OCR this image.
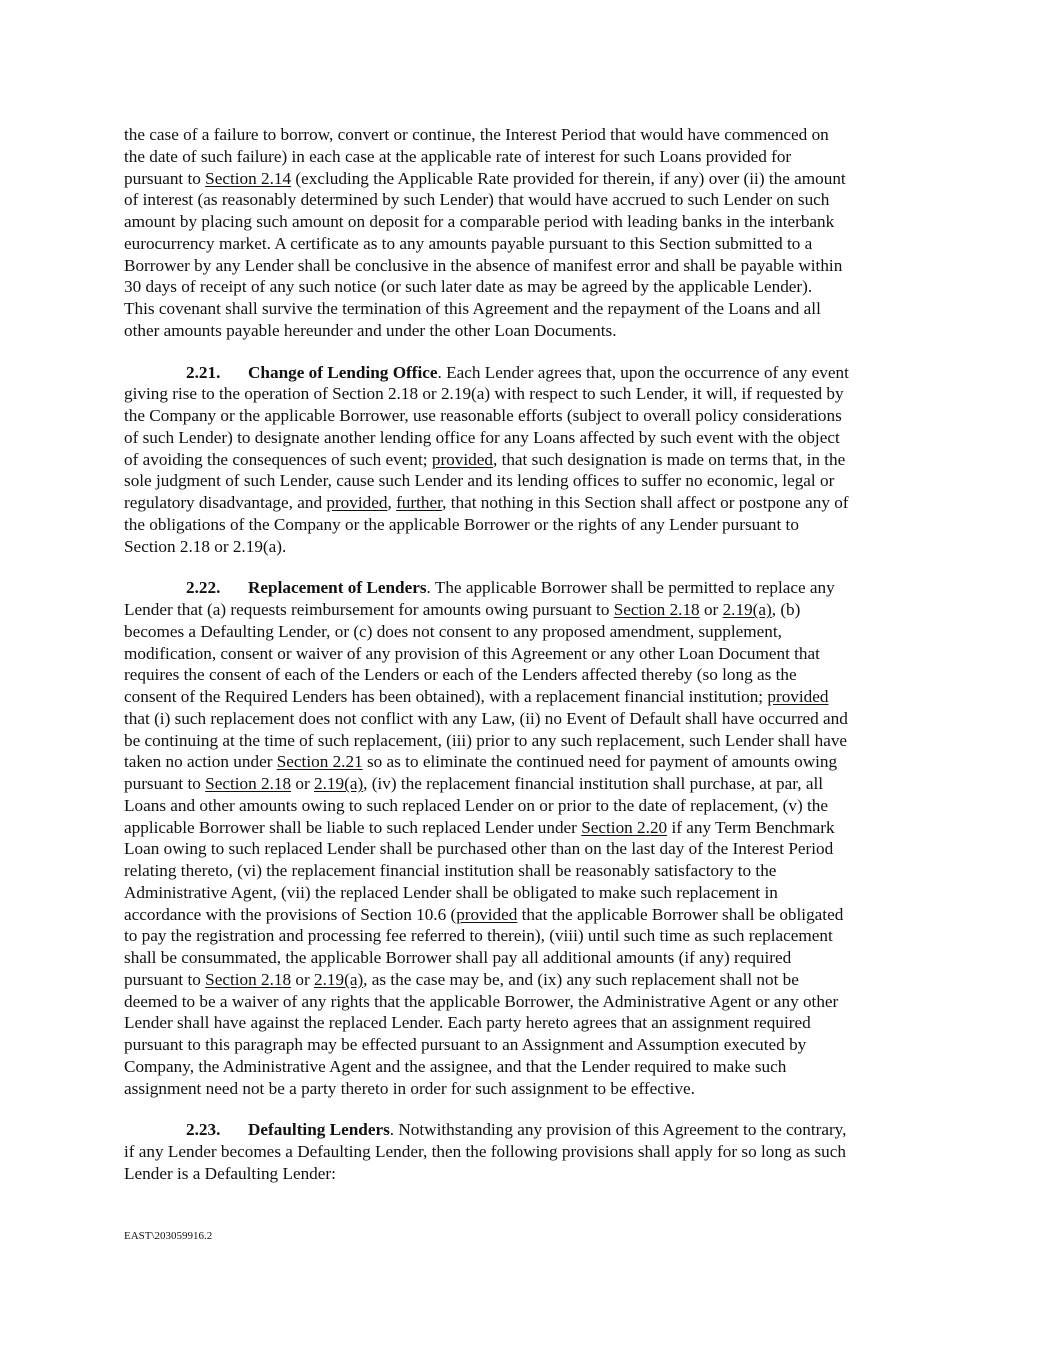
the case of a failure to borrow, convert or continue, the Interest Period that would have commenced on
the date of such failure) in each case at the applicable rate of interest for such Loans provided for
pursuant to Section 2.14 (excluding the Applicable Rate provided for therein, if any) over (ii) the amount
of interest (as reasonably determined by such Lender) that would have accrued to such Lender on such
amount by placing such amount on deposit for a comparable period with leading banks in the interbank
eurocurrency market. A certificate as to any amounts payable pursuant to this Section submitted to a
Borrower by any Lender shall be conclusive in the absence of manifest error and shall be payable within
30 days of receipt of any such notice (or such later date as may be agreed by the applicable Lender).
This covenant shall survive the termination of this Agreement and the repayment of the Loans and all
other amounts payable hereunder and under the other Loan Documents.

2.21. Change of Lending Office. Each Lender agrees that, upon the occurrence of any event
giving rise to the operation of Section 2.18 or 2.19(a) with respect to such Lender, it will, if requested by
the Company or the applicable Borrower, use reasonable efforts (subject to overall policy considerations
of such Lender) to designate another lending office for any Loans affected by such event with the object
of avoiding the consequences of such event; provided, that such designation is made on terms that, in the
sole judgment of such Lender, cause such Lender and its lending offices to suffer no economic, legal or
regulatory disadvantage, and provided, further, that nothing in this Section shall affect or postpone any of
the obligations of the Company or the applicable Borrower or the rights of any Lender pursuant to
Section 2.18 or 2.19(a).

2.22. Replacement of Lenders. The applicable Borrower shall be permitted to replace any
Lender that (a) requests reimbursement for amounts owing pursuant to Section 2.18 or 2.19(a), (b)
becomes a Defaulting Lender, or (c) does not consent to any proposed amendment, supplement,
modification, consent or waiver of any provision of this Agreement or any other Loan Document that
requires the consent of each of the Lenders or each of the Lenders affected thereby (so long as the
consent of the Required Lenders has been obtained), with a replacement financial institution; provided
that (i) such replacement does not conflict with any Law, (ii) no Event of Default shall have occurred and
be continuing at the time of such replacement, (iii) prior to any such replacement, such Lender shall have
taken no action under Section 2.21 so as to eliminate the continued need for payment of amounts owing
pursuant to Section 2.18 or 2.19(a), (iv) the replacement financial institution shall purchase, at par, all
Loans and other amounts owing to such replaced Lender on or prior to the date of replacement, (v) the
applicable Borrower shall be liable to such replaced Lender under Section 2.20 if any Term Benchmark
Loan owing to such replaced Lender shall be purchased other than on the last day of the Interest Period
relating thereto, (vi) the replacement financial institution shall be reasonably satisfactory to the
Administrative Agent, (vii) the replaced Lender shall be obligated to make such replacement in
accordance with the provisions of Section 10.6 (provided that the applicable Borrower shall be obligated
to pay the registration and processing fee referred to therein), (viii) until such time as such replacement
shall be consummated, the applicable Borrower shall pay all additional amounts (if any) required
pursuant to Section 2.18 or 2.19(a), as the case may be, and (ix) any such replacement shall not be
deemed to be a waiver of any rights that the applicable Borrower, the Administrative Agent or any other
Lender shall have against the replaced Lender. Each party hereto agrees that an assignment required
pursuant to this paragraph may be effected pursuant to an Assignment and Assumption executed by
Company, the Administrative Agent and the assignee, and that the Lender required to make such
assignment need not be a party thereto in order for such assignment to be effective.

2.23. Defaulting Lenders. Notwithstanding any provision of this Agreement to the contrary,
if any Lender becomes a Defaulting Lender, then the following provisions shall apply for so long as such
Lender is a Defaulting Lender:

EAST\203059916.2
